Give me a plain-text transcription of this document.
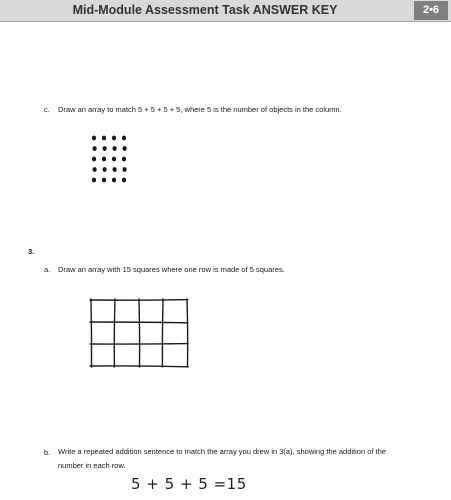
Mid-Module Assessment Task ANSWER KEY	2•6
c. Draw an array to match 5 + 5 + 5 + 5, where 5 is the number of objects in the column.
3.
a. Draw an array with 15 squares where one row is made of 5 squares.
b. Write a repeated addition sentence to match the array you drew in 3(a), showing the addition of the
number in each row.
5 + 5 + 5 =15
